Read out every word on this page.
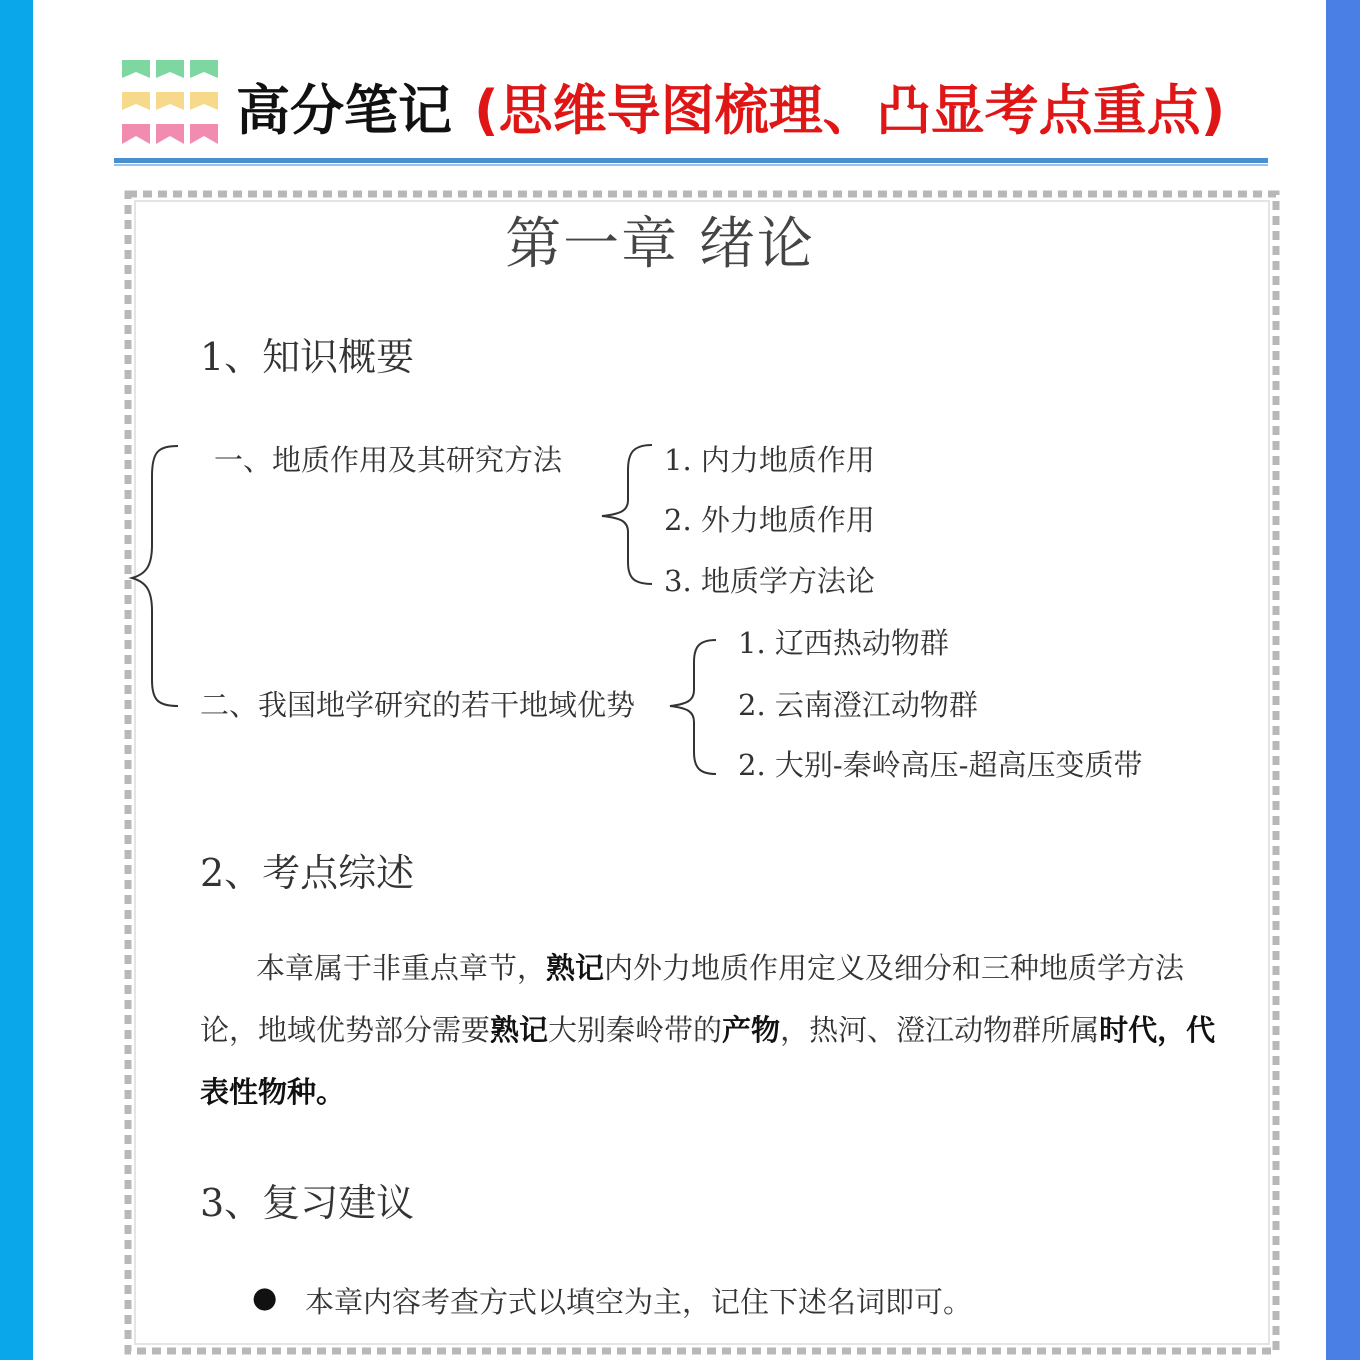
高分笔记 (思维导图梳理、凸显考点重点)
第一章 绪论
1、知识概要
一、地质作用及其研究方法	1. 内力地质作用
2. 外力地质作用
3. 地质学方法论
二、我国地学研究的若干地域优势
1. 辽西热动物群
2. 云南澄江动物群
2. 大别-秦岭高压-超高压变质带
2、考点综述
本章属于非重点章节，熟记内外力地质作用定义及细分和三种地质学方法论，地域优势部分需要熟记大别秦岭带的产物，热河、澄江动物群所属时代，代表性物种。
3、复习建议
● 本章内容考查方式以填空为主，记住下述名词即可。
